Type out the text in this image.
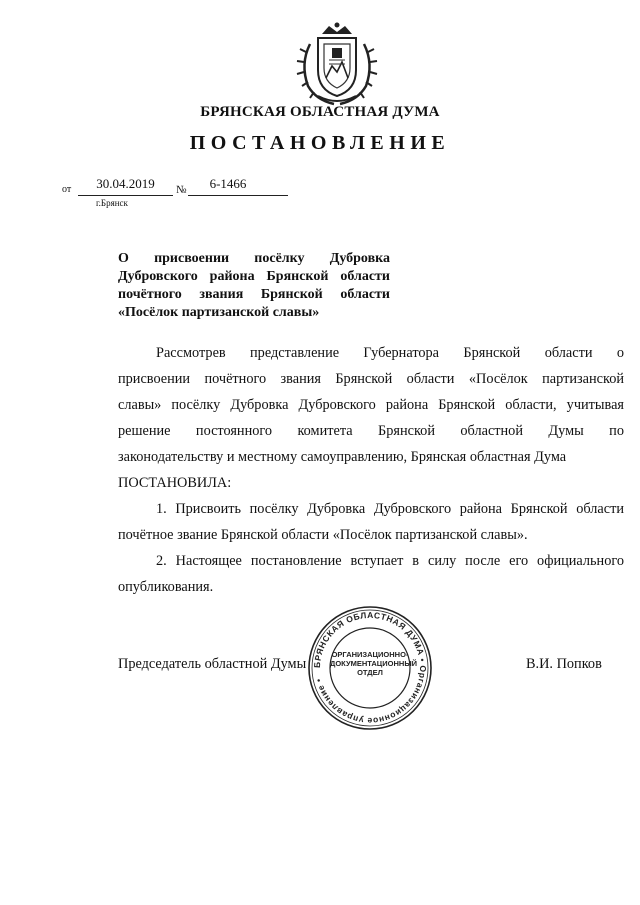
БРЯНСКАЯ ОБЛАСТНАЯ ДУМА
ПОСТАНОВЛЕНИЕ
от	30.04.2019	№	6-1466
г.Брянск
О присвоении посёлку Дубровка Дубровского района Брянской области почётного звания Брянской области «Посёлок партизанской славы»
Рассмотрев представление Губернатора Брянской области о
присвоении почётного звания Брянской области «Посёлок партизанской
славы» посёлку Дубровка Дубровского района Брянской области, учитывая
решение постоянного комитета Брянской областной Думы по
законодательству и местному самоуправлению, Брянская областная Дума
ПОСТАНОВИЛА:
1. Присвоить посёлку Дубровка Дубровского района Брянской области
почётное звание Брянской области «Посёлок партизанской славы».
2. Настоящее постановление вступает в силу после его официального
опубликования.
Председатель областной Думы	В.И. Попков
БРЯНСКАЯ ОБЛАСТНАЯ ДУМА • Организационное управление •
ОРГАНИЗАЦИОННО-
ДОКУМЕНТАЦИОННЫЙ
ОТДЕЛ
